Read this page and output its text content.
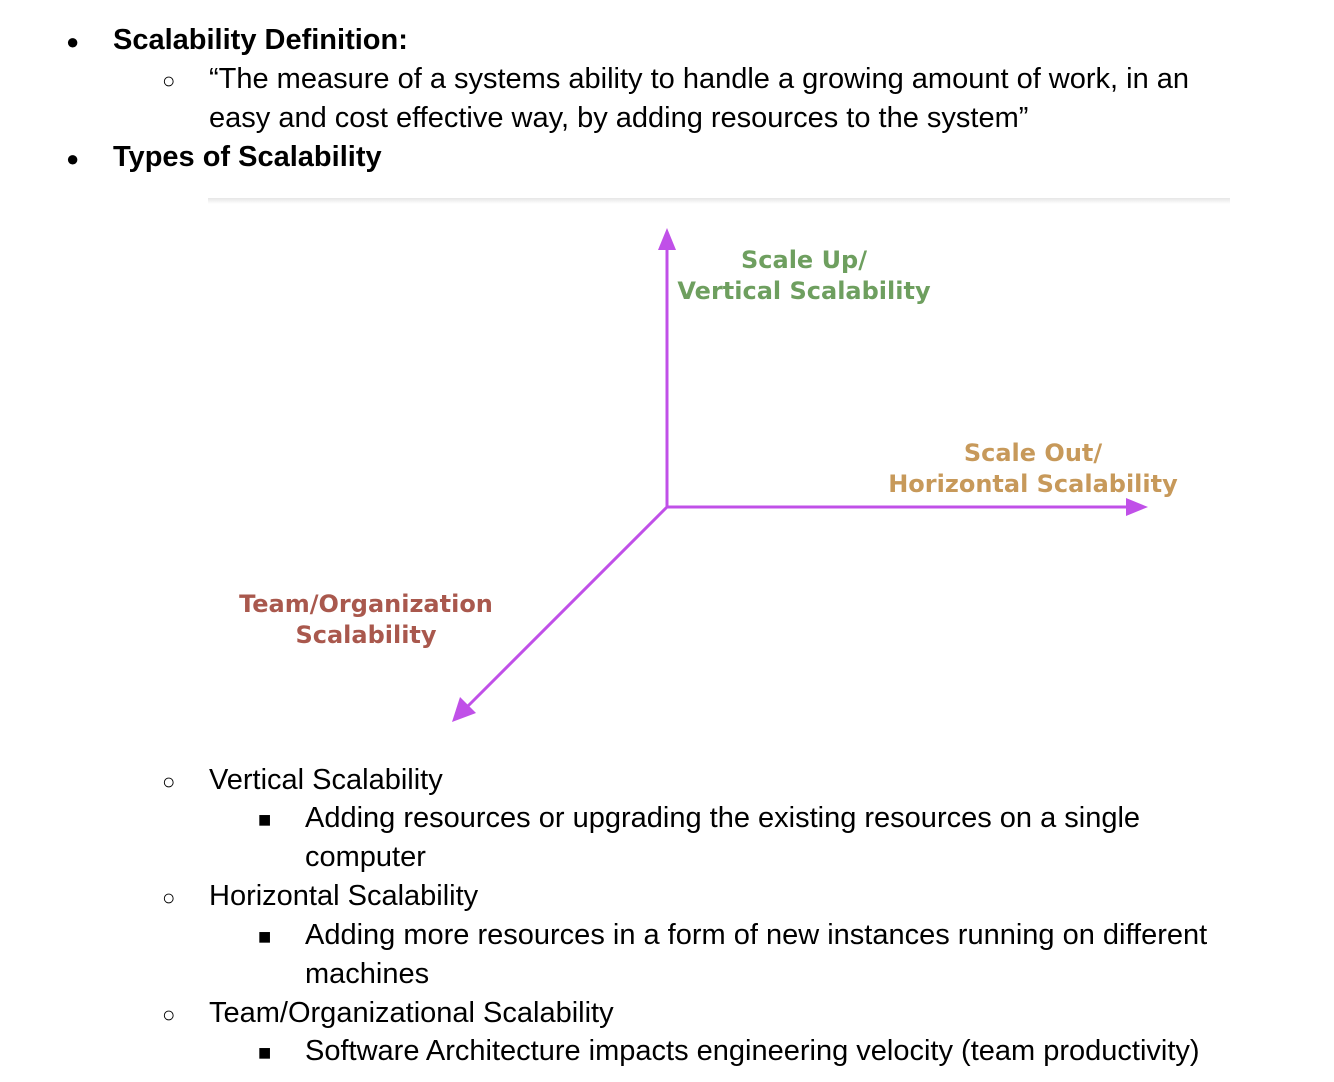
● Scalability Definition:
○ “The measure of a systems ability to handle a growing amount of work, in an
easy and cost effective way, by adding resources to the system”
● Types of Scalability
Scale Up/
Vertical Scalability
Scale Out/
Horizontal Scalability
Team/Organization
Scalability
○ Vertical Scalability
■ Adding resources or upgrading the existing resources on a single
computer
○ Horizontal Scalability
■ Adding more resources in a form of new instances running on different
machines
○ Team/Organizational Scalability
■ Software Architecture impacts engineering velocity (team productivity)
